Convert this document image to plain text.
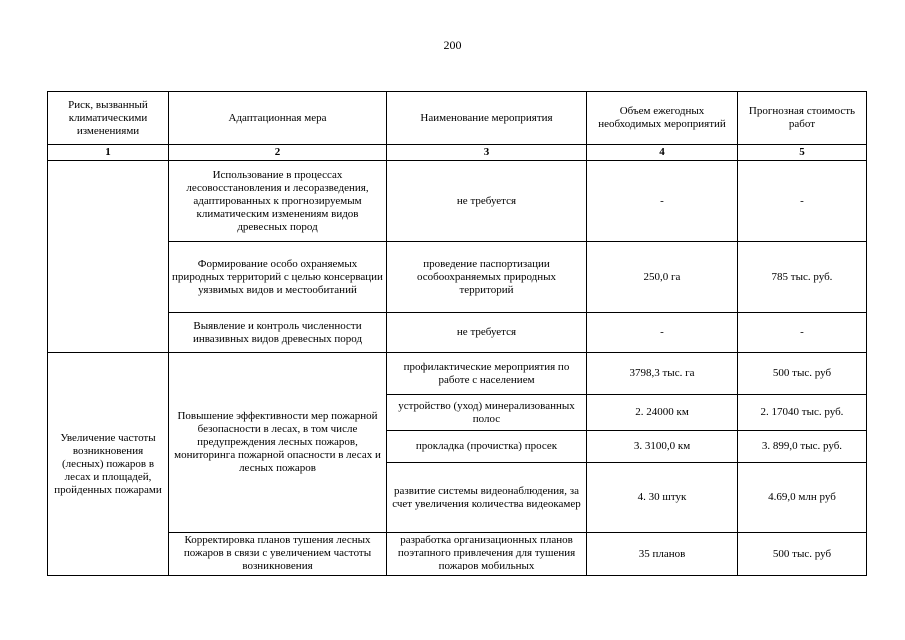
200
Риск, вызванный климатическими изменениями	Адаптационная мера	Наименование мероприятия	Объем ежегодных необходимых мероприятий	Прогнозная стоимость работ
1	2	3	4	5
	Использование в процессах лесовосстановления и лесоразведения, адаптированных к прогнозируемым климатическим изменениям видов древесных пород	не требуется	-	-
	Формирование особо охраняемых природных территорий с целью консервации уязвимых видов и местообитаний	проведение паспортизации особоохраняемых природных территорий	250,0 га	785 тыс. руб.
	Выявление и контроль численности инвазивных видов древесных пород	не требуется	-	-
Увеличение частоты возникновения (лесных) пожаров в лесах и площадей, пройденных пожарами	Повышение эффективности мер пожарной безопасности в лесах, в том числе предупреждения лесных пожаров, мониторинга пожарной опасности в лесах и лесных пожаров	профилактические мероприятия по работе с населением	3798,3 тыс. га	500 тыс. руб
		устройство (уход) минерализованных полос	2. 24000 км	2. 17040 тыс. руб.
		прокладка (прочистка) просек	3. 3100,0 км	3. 899,0 тыс. руб.
		развитие системы видеонаблюдения, за счет увеличения количества видеокамер	4. 30 штук	4.69,0 млн руб

	Корректировка планов тушения лесных пожаров в связи с увеличением частоты возникновения	разработка организационных планов поэтапного привлечения для тушения пожаров мобильных	35 планов	500 тыс. руб
